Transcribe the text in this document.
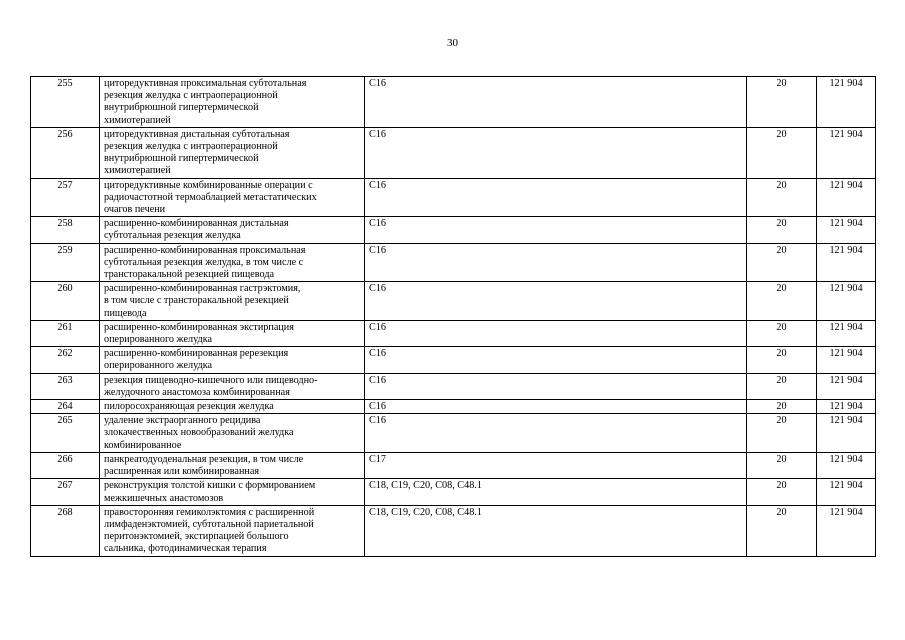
30
255	циторедуктивная проксимальная субтотальная
резекция желудка с интраоперационной
внутрибрюшной гипертермической
химиотерапией	C16	20	121 904
256	циторедуктивная дистальная субтотальная
резекция желудка с интраоперационной
внутрибрюшной гипертермической
химиотерапией	C16	20	121 904
257	циторедуктивные комбинированные операции с
радиочастотной термоаблацией метастатических
очагов печени	C16	20	121 904
258	расширенно-комбинированная дистальная
субтотальная резекция желудка	C16	20	121 904
259	расширенно-комбинированная проксимальная
субтотальная резекция желудка, в том числе с
трансторакальной резекцией пищевода	C16	20	121 904
260	расширенно-комбинированная гастрэктомия,
в том числе с трансторакальной резекцией
пищевода	C16	20	121 904
261	расширенно-комбинированная экстирпация
оперированного желудка	C16	20	121 904
262	расширенно-комбинированная ререзекция
оперированного желудка	C16	20	121 904
263	резекция пищеводно-кишечного или пищеводно-
желудочного анастомоза комбинированная	C16	20	121 904
264	пилоросохраняющая резекция желудка	C16	20	121 904
265	удаление экстраорганного рецидива
злокачественных новообразований желудка
комбинированное	C16	20	121 904
266	панкреатодуоденальная резекция, в том числе
расширенная или комбинированная	C17	20	121 904
267	реконструкция толстой кишки с формированием
межкишечных анастомозов	C18, C19, C20, C08, C48.1	20	121 904
268	правосторонняя гемиколэктомия с расширенной
лимфаденэктомией, субтотальной париетальной
перитонэктомией, экстирпацией большого
сальника, фотодинамическая терапия	C18, C19, C20, C08, C48.1	20	121 904
